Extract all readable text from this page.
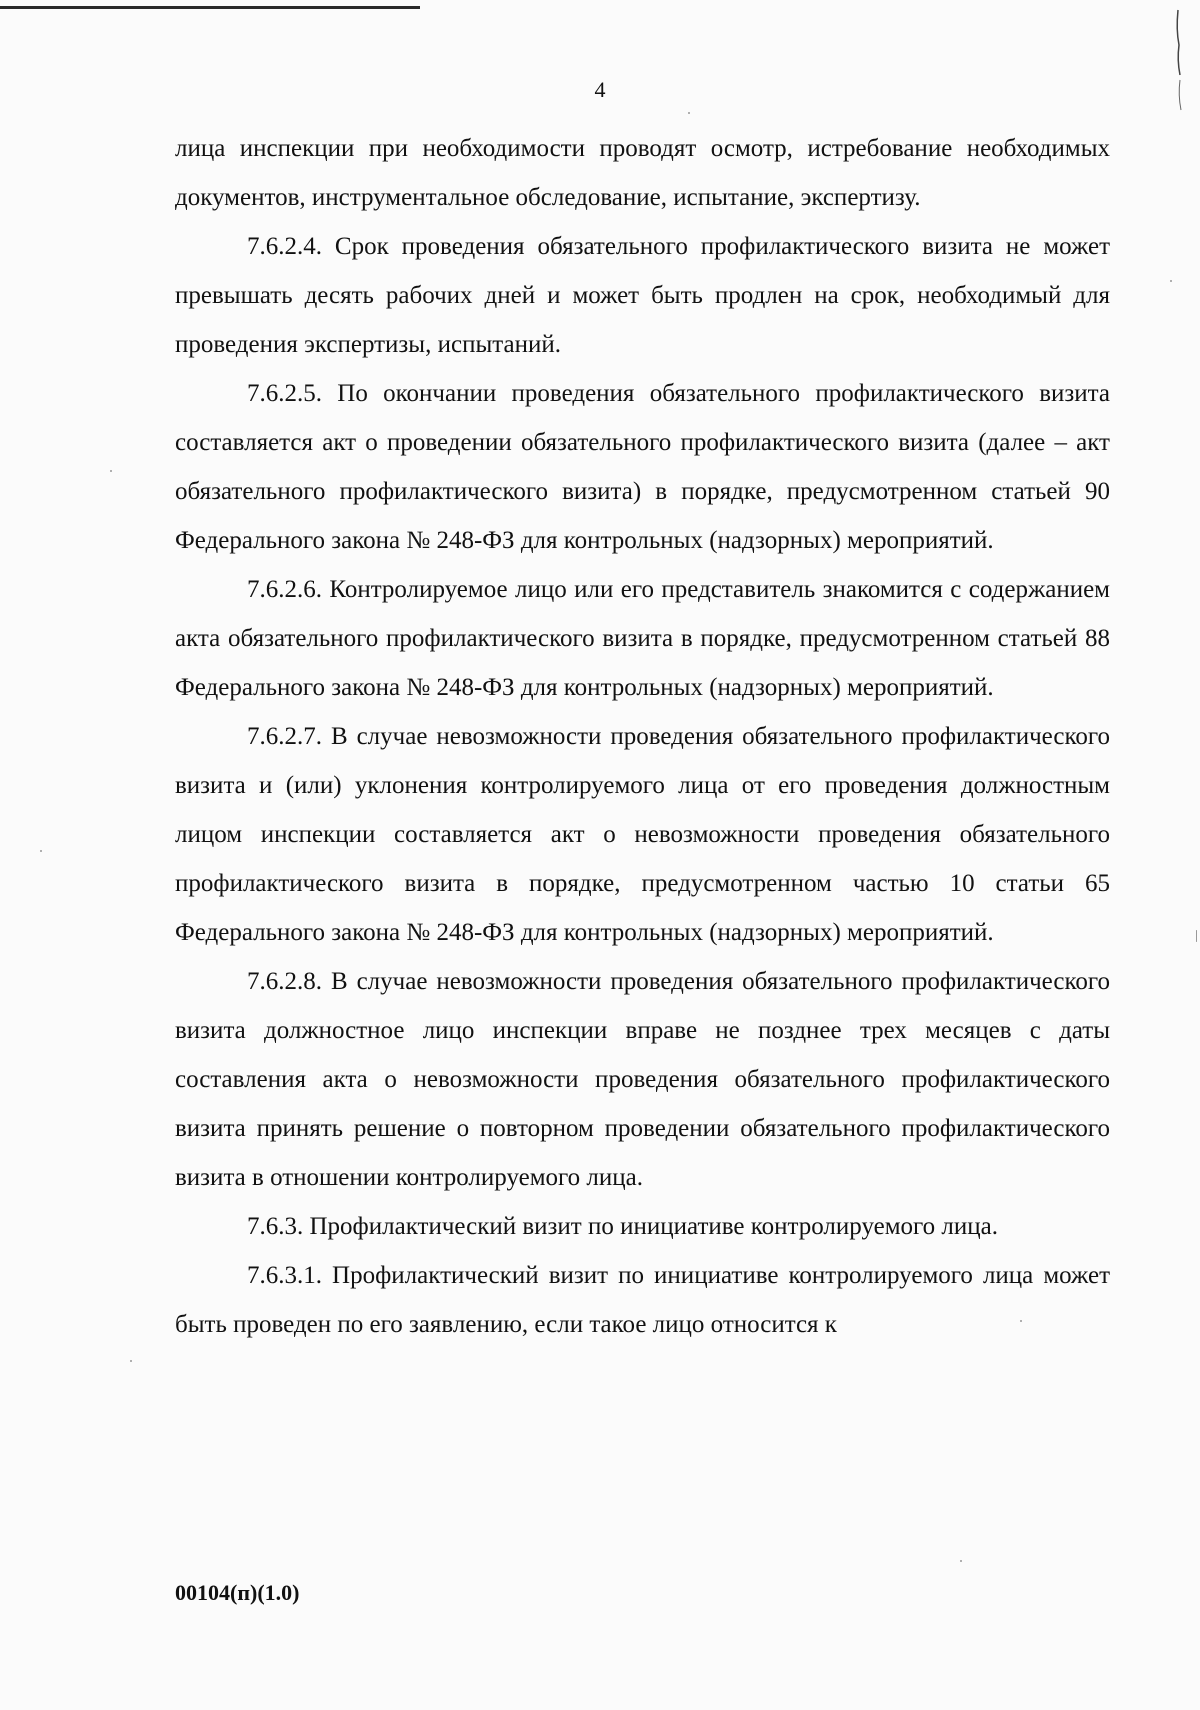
4

лица инспекции при необходимости проводят осмотр, истребование необходимых документов, инструментальное обследование, испытание, экспертизу.

7.6.2.4. Срок проведения обязательного профилактического визита не может превышать десять рабочих дней и может быть продлен на срок, необходимый для проведения экспертизы, испытаний.

7.6.2.5. По окончании проведения обязательного профилактического визита составляется акт о проведении обязательного профилактического визита (далее – акт обязательного профилактического визита) в порядке, предусмотренном статьей 90 Федерального закона № 248-ФЗ для контрольных (надзорных) мероприятий.

7.6.2.6. Контролируемое лицо или его представитель знакомится с содержанием акта обязательного профилактического визита в порядке, предусмотренном статьей 88 Федерального закона № 248-ФЗ для контрольных (надзорных) мероприятий.

7.6.2.7. В случае невозможности проведения обязательного профилактического визита и (или) уклонения контролируемого лица от его проведения должностным лицом инспекции составляется акт о невозможности проведения обязательного профилактического визита в порядке, предусмотренном частью 10 статьи 65 Федерального закона № 248-ФЗ для контрольных (надзорных) мероприятий.

7.6.2.8. В случае невозможности проведения обязательного профилактического визита должностное лицо инспекции вправе не позднее трех месяцев с даты составления акта о невозможности проведения обязательного профилактического визита принять решение о повторном проведении обязательного профилактического визита в отношении контролируемого лица.

7.6.3. Профилактический визит по инициативе контролируемого лица.

7.6.3.1. Профилактический визит по инициативе контролируемого лица может быть проведен по его заявлению, если такое лицо относится к

00104(п)(1.0)
